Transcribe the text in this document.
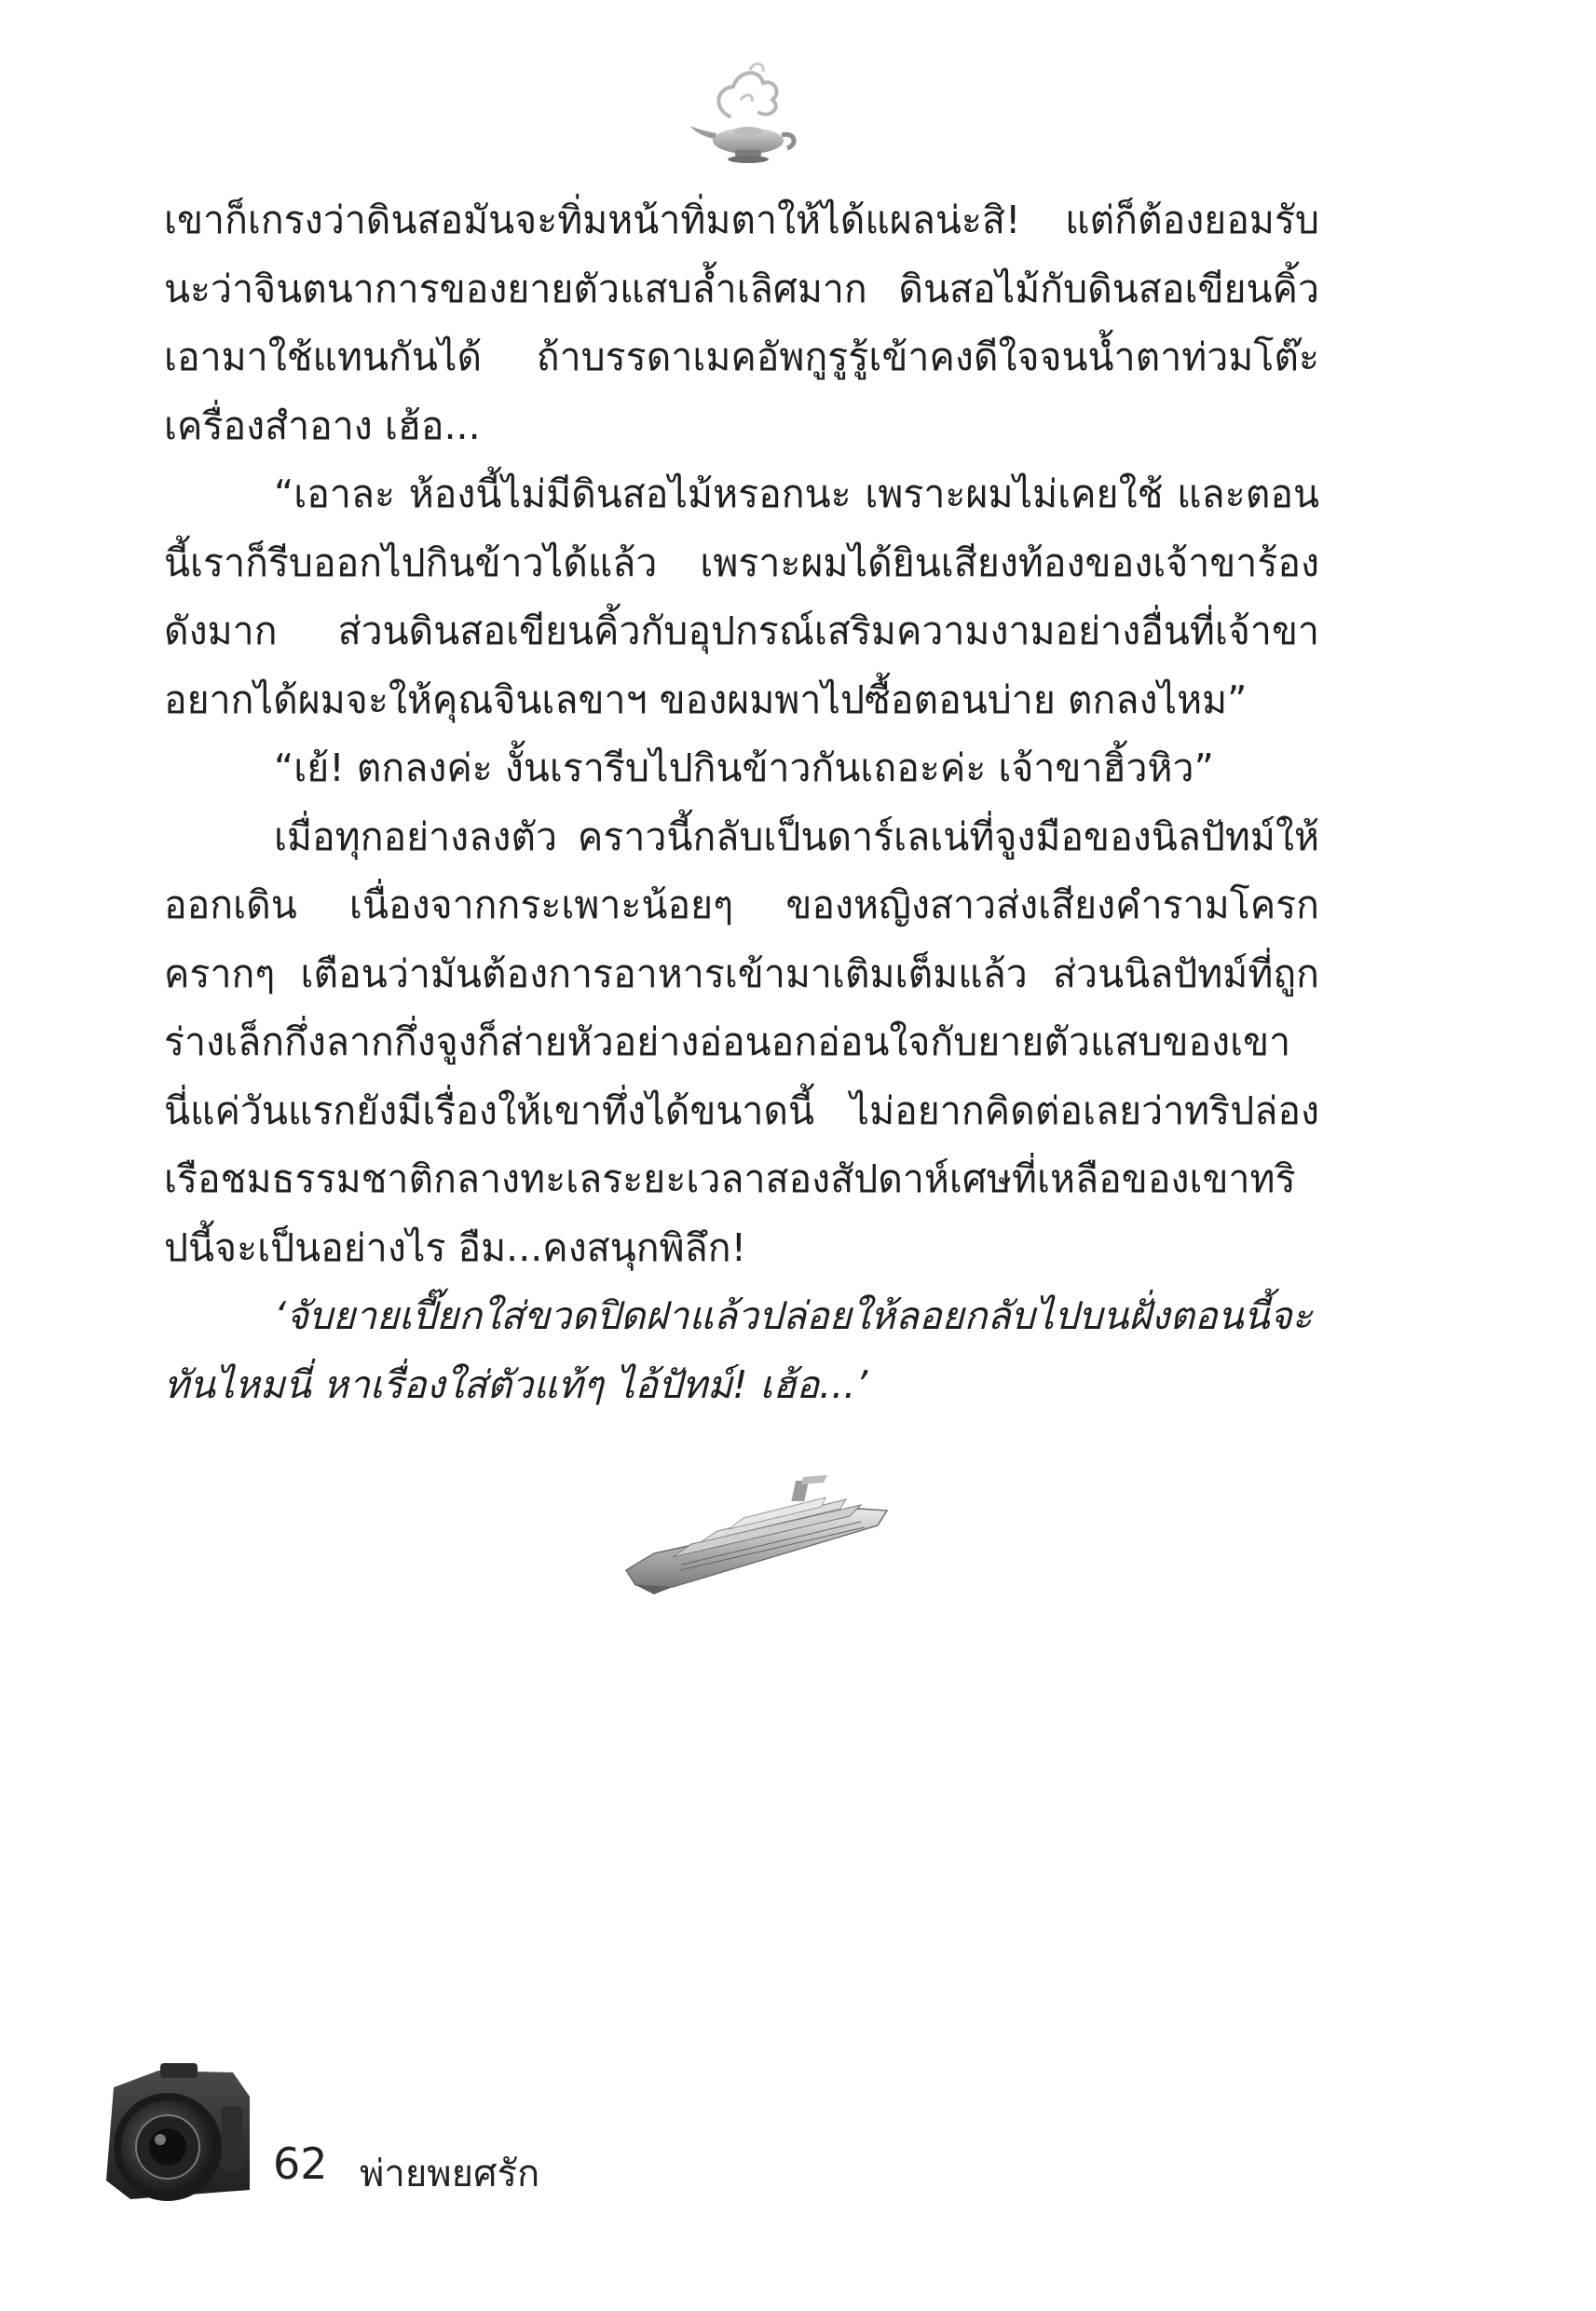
เขาก็เกรงว่าดินสอมันจะทิ่มหน้าทิ่มตาให้ได้แผลน่ะสิ! แต่ก็ต้องยอมรับนะว่าจินตนาการของยายตัวแสบล้ำเลิศมาก ดินสอไม้กับดินสอเขียนคิ้วเอามาใช้แทนกันได้ ถ้าบรรดาเมคอัพกูรูรู้เข้าคงดีใจจนน้ำตาท่วมโต๊ะเครื่องสำอาง เฮ้อ...

“เอาละ ห้องนี้ไม่มีดินสอไม้หรอกนะ เพราะผมไม่เคยใช้ และตอนนี้เราก็รีบออกไปกินข้าวได้แล้ว เพราะผมได้ยินเสียงท้องของเจ้าขาร้องดังมาก ส่วนดินสอเขียนคิ้วกับอุปกรณ์เสริมความงามอย่างอื่นที่เจ้าขาอยากได้ผมจะให้คุณจินเลขาฯ ของผมพาไปซื้อตอนบ่าย ตกลงไหม”

“เย้! ตกลงค่ะ งั้นเรารีบไปกินข้าวกันเถอะค่ะ เจ้าขาฮิ้วหิว”

เมื่อทุกอย่างลงตัว คราวนี้กลับเป็นดาร์เลเน่ที่จูงมือของนิลปัทม์ให้ออกเดิน เนื่องจากกระเพาะน้อยๆ ของหญิงสาวส่งเสียงคำรามโครกครากๆ เตือนว่ามันต้องการอาหารเข้ามาเติมเต็มแล้ว ส่วนนิลปัทม์ที่ถูกร่างเล็กกึ่งลากกึ่งจูงก็ส่ายหัวอย่างอ่อนอกอ่อนใจกับยายตัวแสบของเขา นี่แค่วันแรกยังมีเรื่องให้เขาทึ่งได้ขนาดนี้ ไม่อยากคิดต่อเลยว่าทริปล่องเรือชมธรรมชาติกลางทะเลระยะเวลาสองสัปดาห์เศษที่เหลือของเขาทริปนี้จะเป็นอย่างไร อืม...คงสนุกพิลึก!

‘จับยายเปี๊ยกใส่ขวดปิดฝาแล้วปล่อยให้ลอยกลับไปบนฝั่งตอนนี้จะทันไหมนี่ หาเรื่องใส่ตัวแท้ๆ ไอ้ปัทม์! เฮ้อ...’

62 พ่ายพยศรัก
